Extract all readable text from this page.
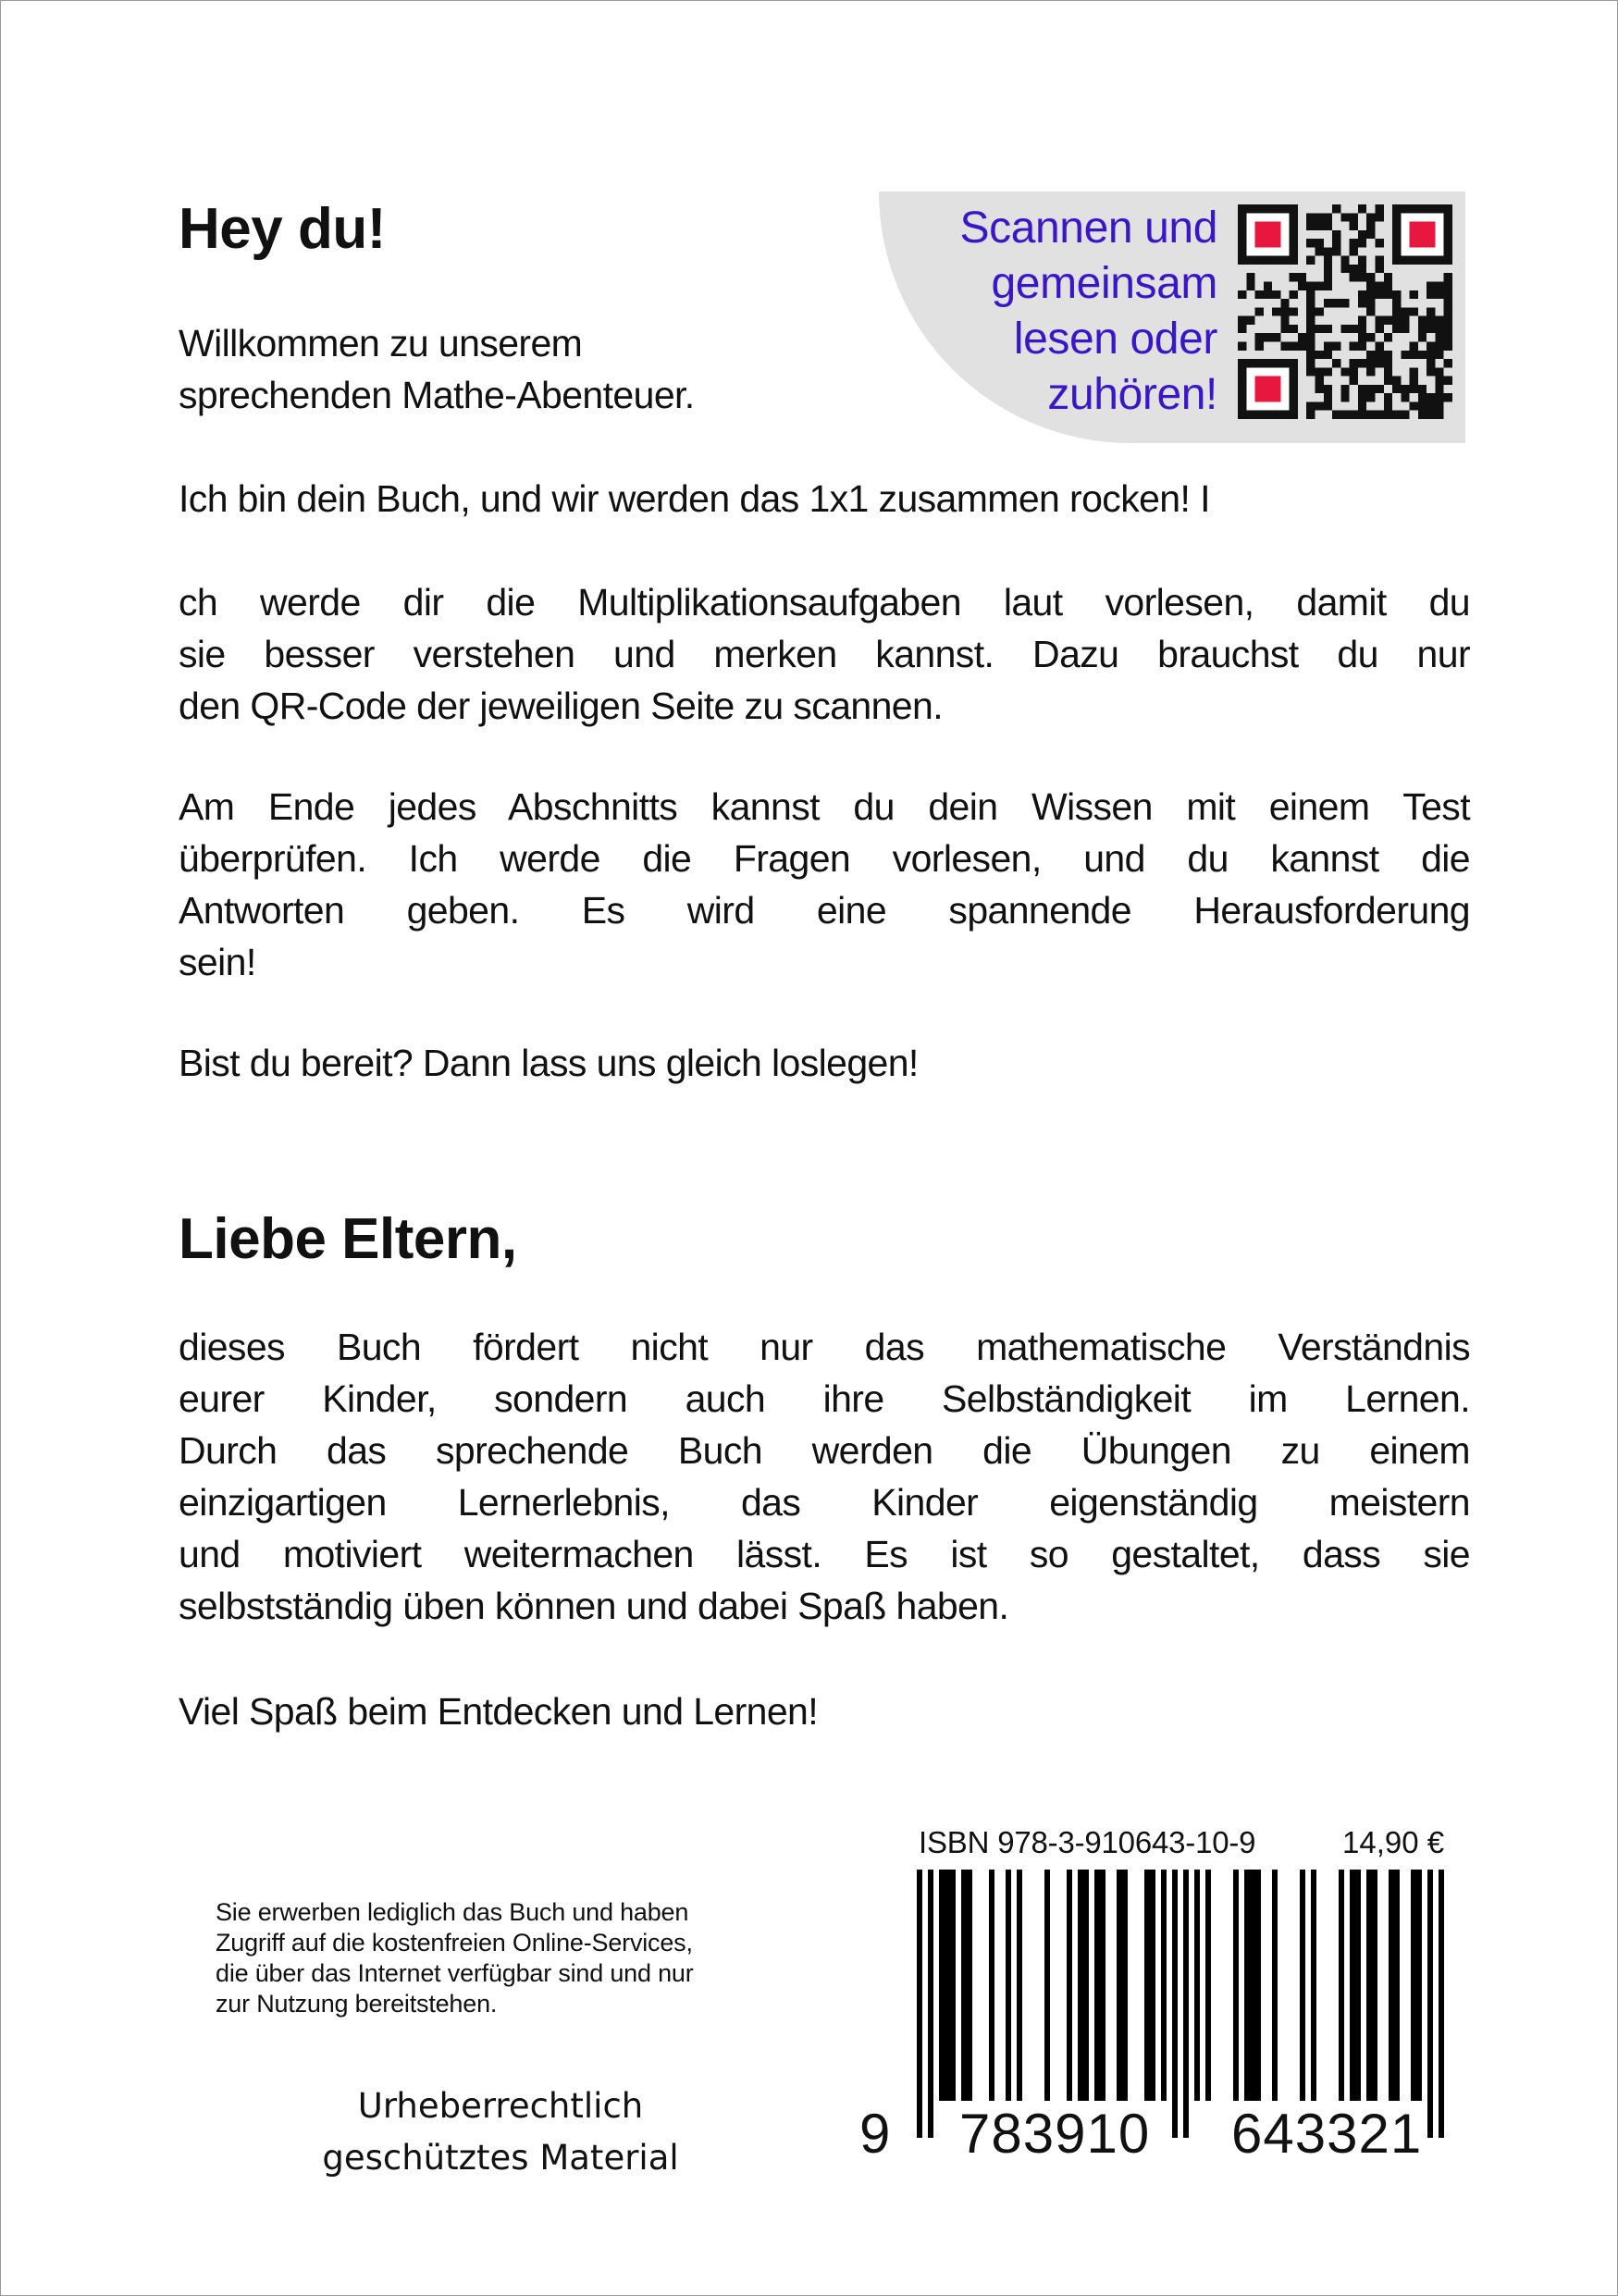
Hey du!
Willkommen zu unserem
sprechenden Mathe-Abenteuer.
Scannen und
gemeinsam
lesen oder
zuhören!

Ich bin dein Buch, und wir werden das 1x1 zusammen rocken! I

ch werde dir die Multiplikationsaufgaben laut vorlesen, damit du
sie besser verstehen und merken kannst. Dazu brauchst du nur
den QR-Code der jeweiligen Seite zu scannen.
Am Ende jedes Abschnitts kannst du dein Wissen mit einem Test
überprüfen. Ich werde die Fragen vorlesen, und du kannst die
Antworten geben. Es wird eine spannende Herausforderung
sein!

Bist du bereit? Dann lass uns gleich loslegen!

Liebe Eltern,
dieses Buch fördert nicht nur das mathematische Verständnis
eurer Kinder, sondern auch ihre Selbständigkeit im Lernen.
Durch das sprechende Buch werden die Übungen zu einem
einzigartigen Lernerlebnis, das Kinder eigenständig meistern
und motiviert weitermachen lässt. Es ist so gestaltet, dass sie
selbstständig üben können und dabei Spaß haben.

Viel Spaß beim Entdecken und Lernen!

ISBN 978-3-910643-10-9	14,90 €
9 783910 643321
Sie erwerben lediglich das Buch und haben
Zugriff auf die kostenfreien Online-Services,
die über das Internet verfügbar sind und nur
zur Nutzung bereitstehen.
Urheberrechtlich
geschütztes Material
